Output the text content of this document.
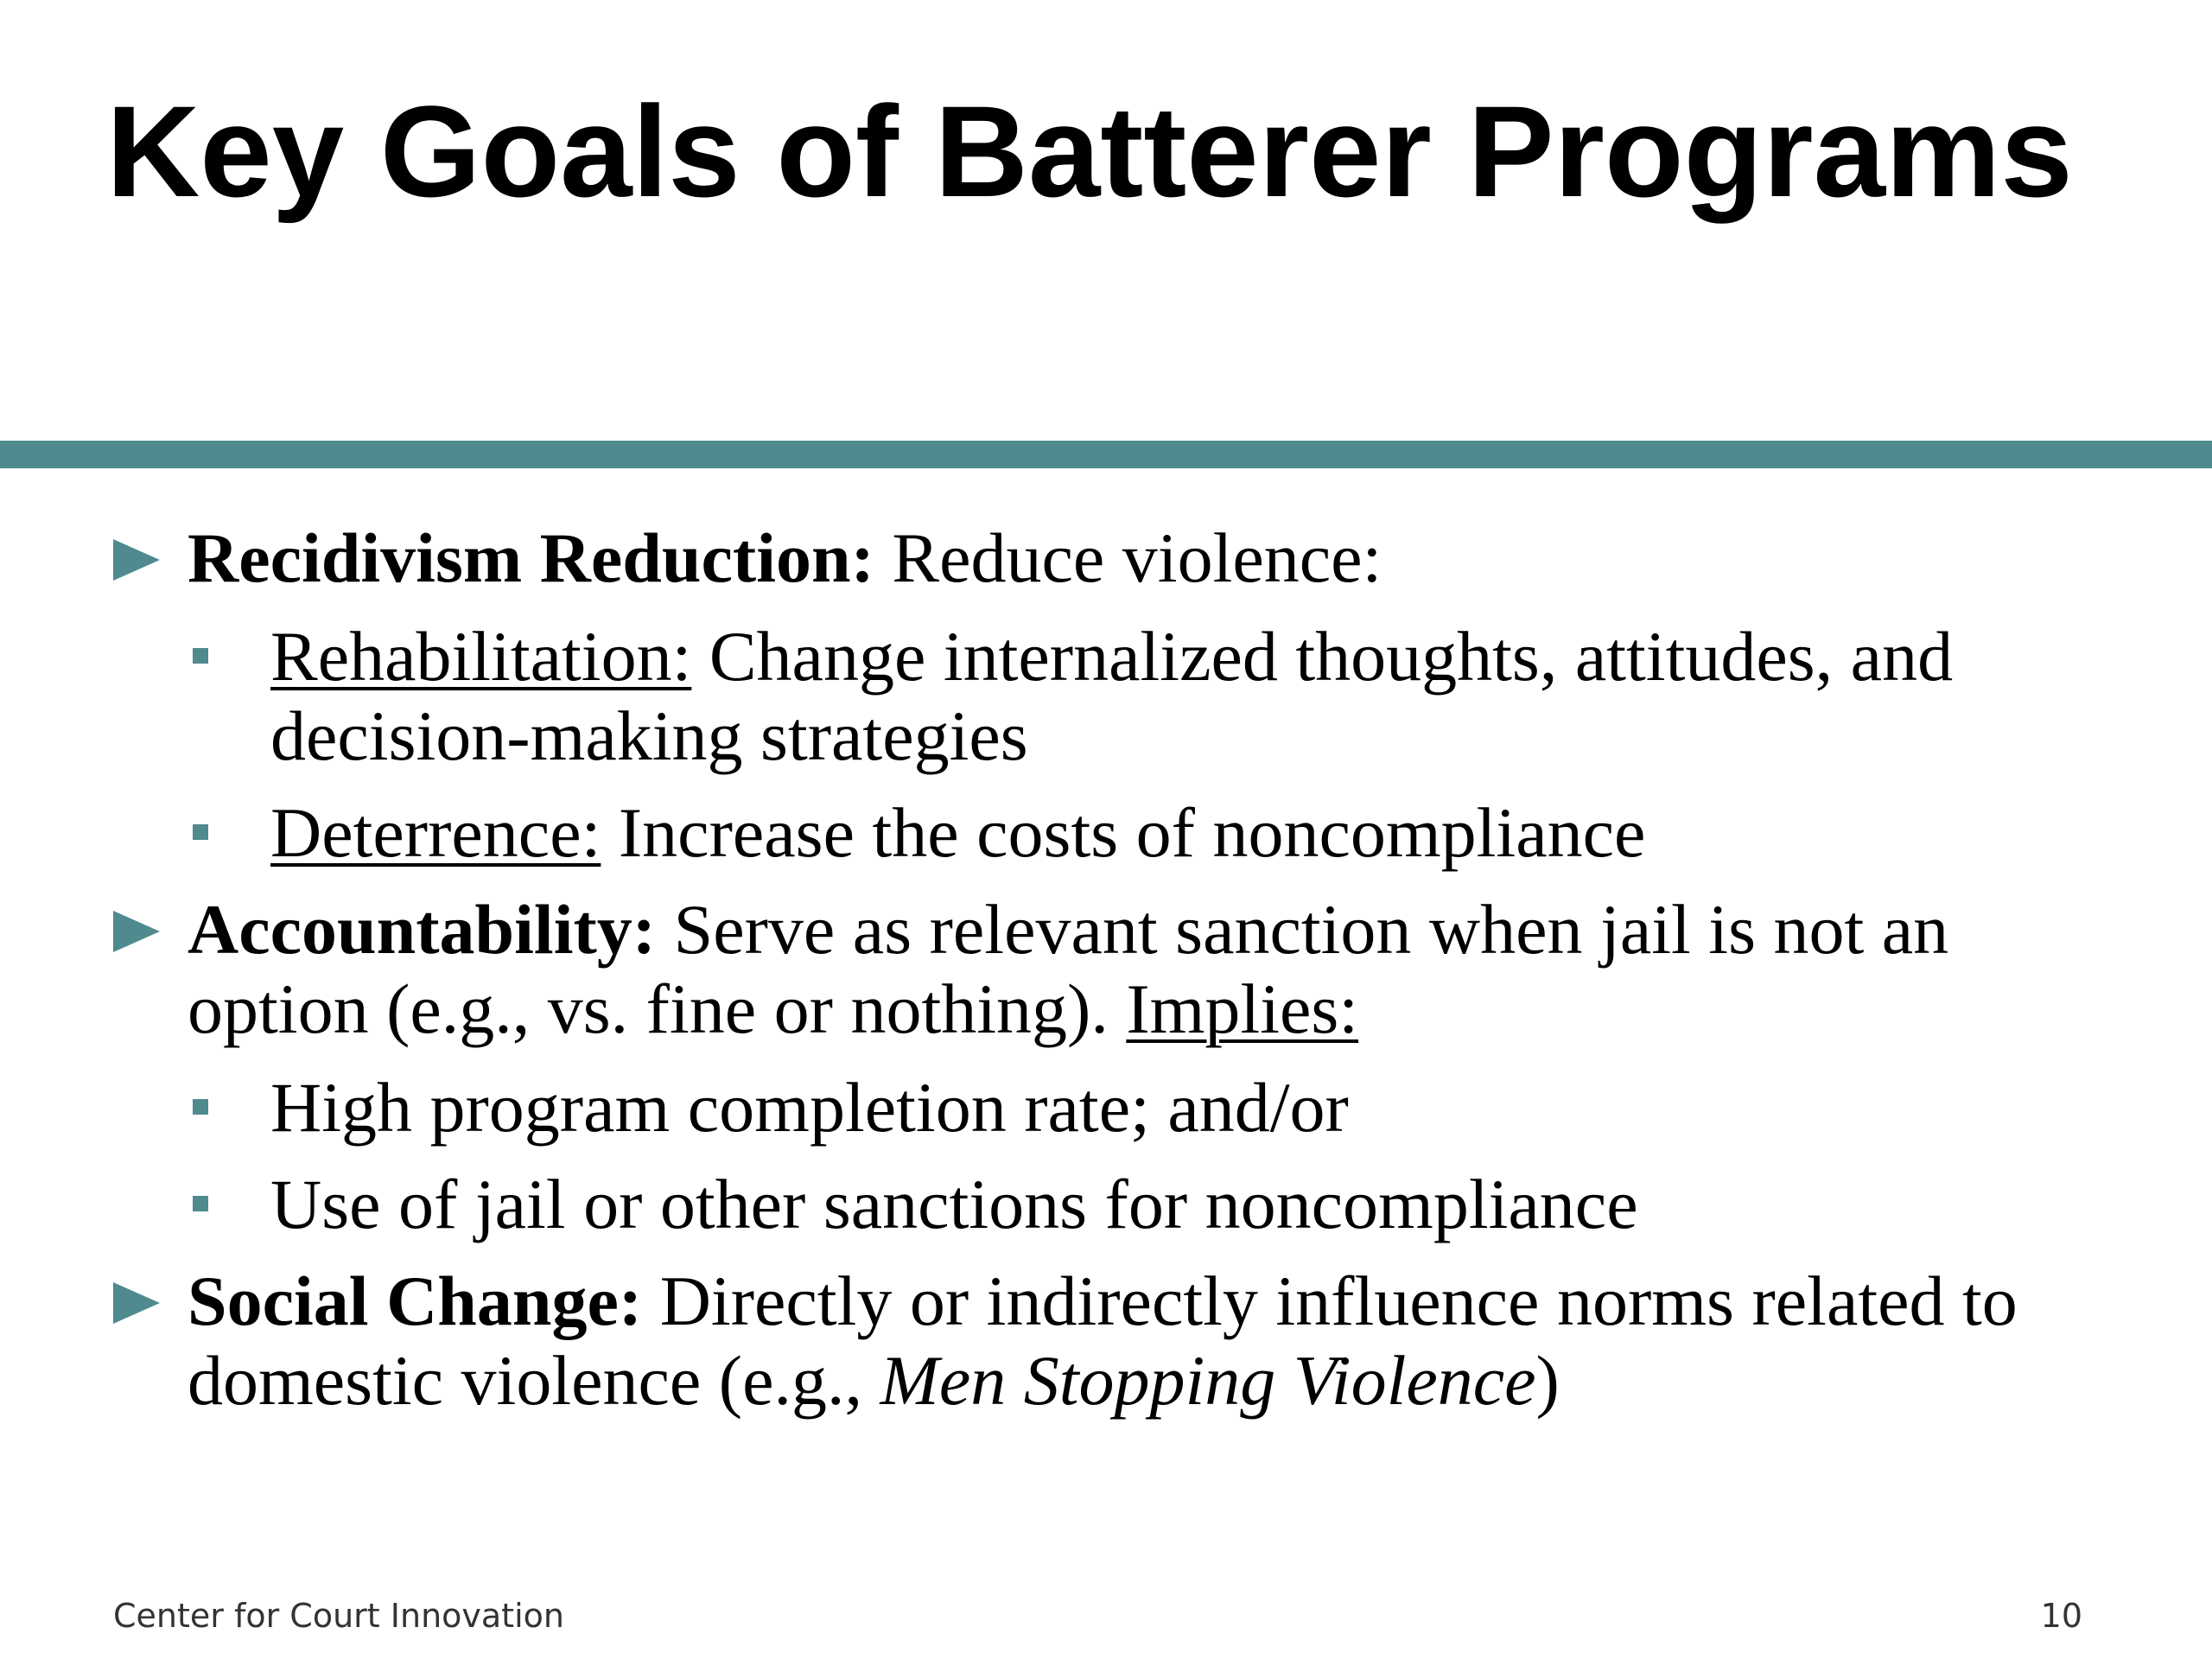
Key Goals of Batterer Programs
Recidivism Reduction: Reduce violence:
Rehabilitation: Change internalized thoughts, attitudes, and decision-making strategies
Deterrence: Increase the costs of noncompliance
Accountability: Serve as relevant sanction when jail is not an option (e.g., vs. fine or nothing). Implies:
High program completion rate; and/or
Use of jail or other sanctions for noncompliance
Social Change: Directly or indirectly influence norms related to domestic violence (e.g., Men Stopping Violence)
Center for Court Innovation	10
